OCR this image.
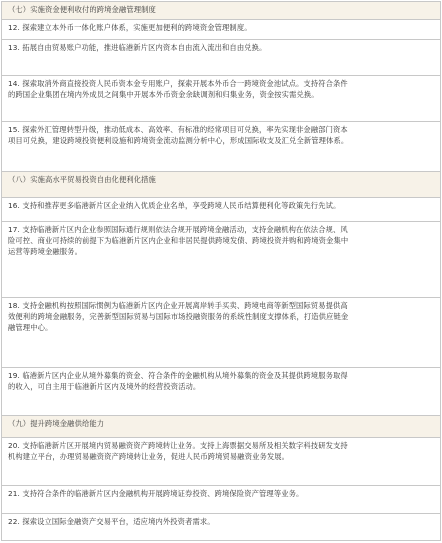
（七）实施资金便利收付的跨境金融管理制度

12. 探索建立本外币一体化账户体系，实施更加便利的跨境资金管理制度。

13. 拓展自由贸易账户功能，推进临港新片区内资本自由流入流出和自由兑换。

14. 探索取消外商直接投资人民币资本金专用账户，探索开展本外币合一跨境资金池试点。支持符合条件
的跨国企业集团在境内外成员之间集中开展本外币资金余缺调剂和归集业务，资金按实需兑换。

15. 探索外汇管理转型升级，推动低成本、高效率、有标准的经常项目可兑换，率先实现非金融部门资本
项目可兑换，建设跨境投资便利设施和跨境资金流动监测分析中心，形成国际收支及汇兑全新管理体系。

（八）实施高水平贸易投资自由化便利化措施

16. 支持和推荐更多临港新片区企业纳入优质企业名单，享受跨境人民币结算便利化等政策先行先试。

17. 支持临港新片区内企业参照国际通行规则依法合规开展跨境金融活动，支持金融机构在依法合规、风
险可控、商业可持续的前提下为临港新片区内企业和非居民提供跨境发债、跨境投资并购和跨境资金集中
运营等跨境金融服务。

18. 支持金融机构按照国际惯例为临港新片区内企业开展离岸转手买卖、跨境电商等新型国际贸易提供高
效便利的跨境金融服务，完善新型国际贸易与国际市场投融资服务的系统性制度支撑体系，打造供应链金
融管理中心。

19. 临港新片区内企业从境外募集的资金、符合条件的金融机构从境外募集的资金及其提供跨境服务取得
的收入，可自主用于临港新片区内及境外的经营投资活动。

（九）提升跨境金融供给能力

20. 支持临港新片区开展境内贸易融资资产跨境转让业务。支持上海票据交易所及相关数字科技研发支持
机构建立平台，办理贸易融资资产跨境转让业务，促进人民币跨境贸易融资业务发展。

21. 支持符合条件的临港新片区内金融机构开展跨境证券投资、跨境保险资产管理等业务。

22. 探索设立国际金融资产交易平台，适应境内外投资者需求。
